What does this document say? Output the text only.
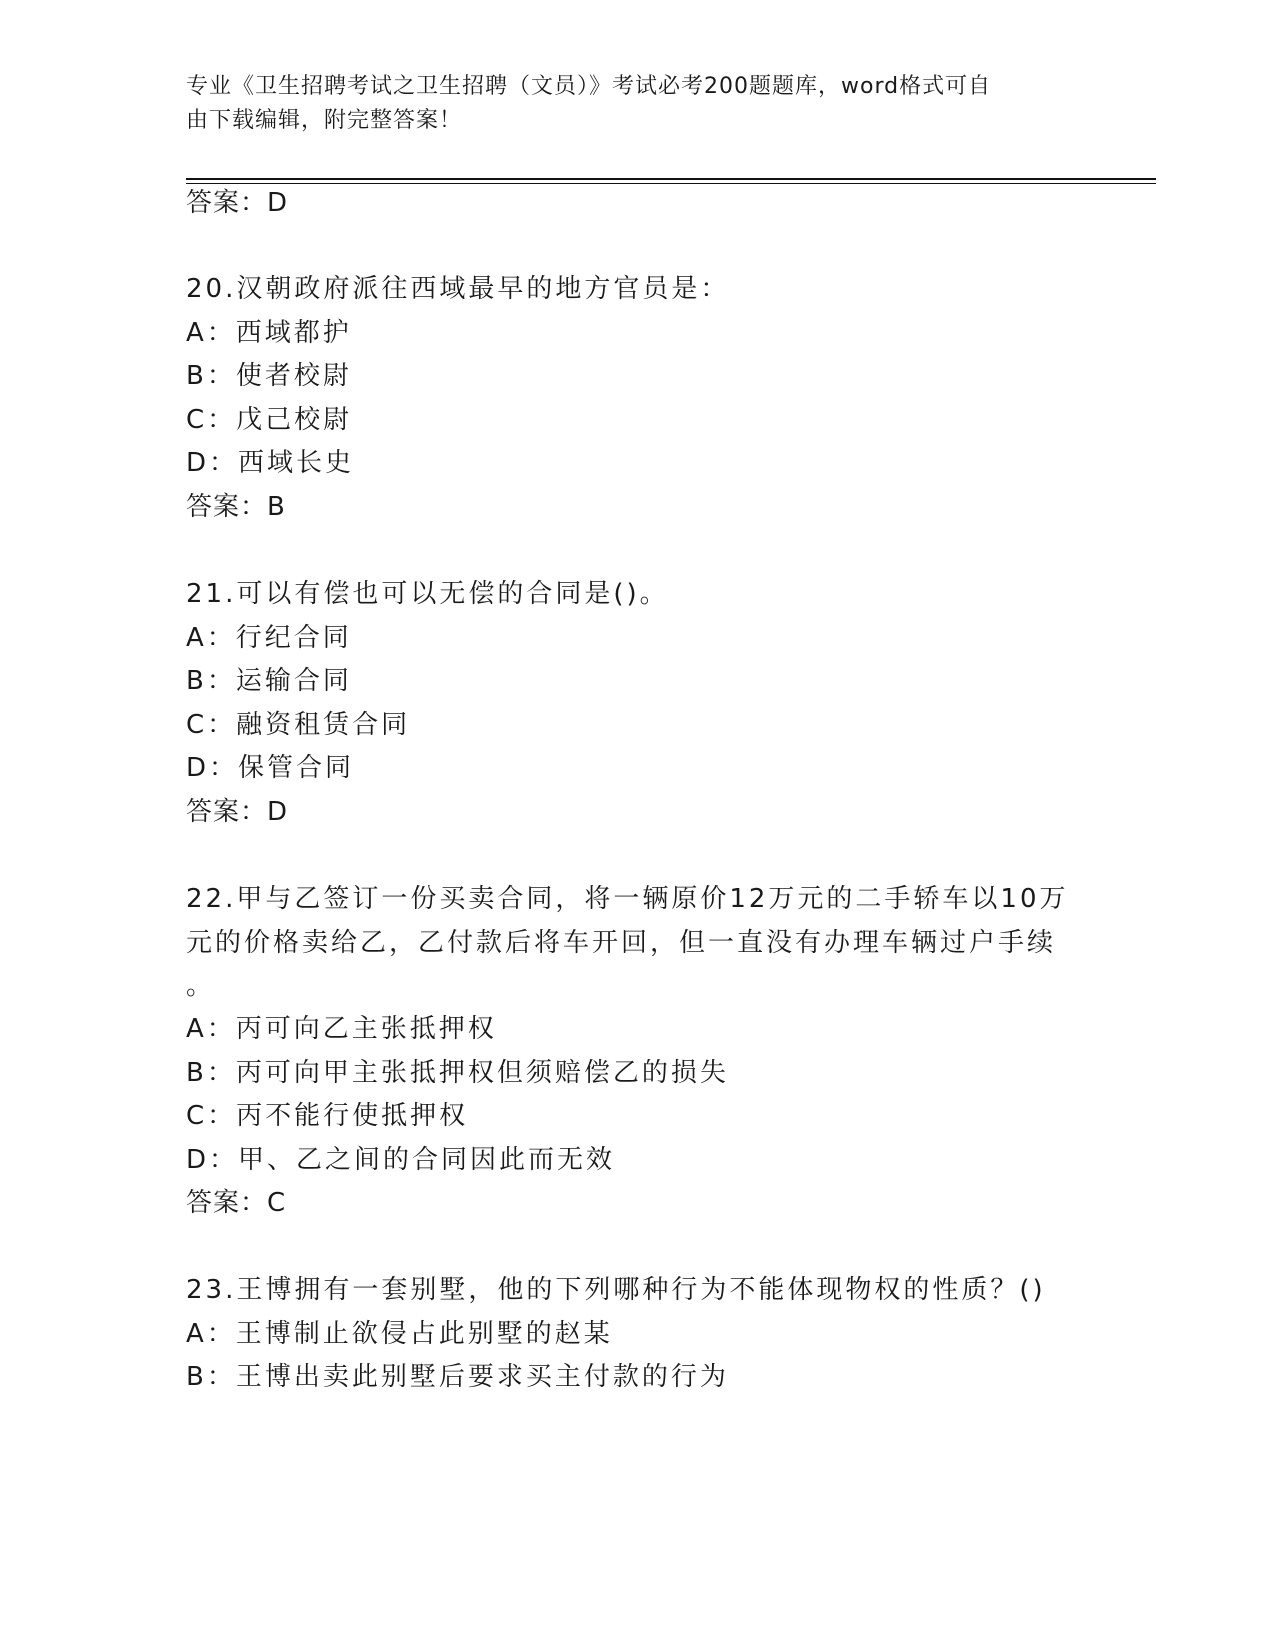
专业《卫生招聘考试之卫生招聘（文员）》考试必考200题题库，word格式可自
由下载编辑，附完整答案！
答案：D
20.汉朝政府派往西域最早的地方官员是：
A：西域都护
B：使者校尉
C：戊己校尉
D：西域长史
答案：B
21.可以有偿也可以无偿的合同是()。
A：行纪合同
B：运输合同
C：融资租赁合同
D：保管合同
答案：D
22.甲与乙签订一份买卖合同，将一辆原价12万元的二手轿车以10万
元的价格卖给乙，乙付款后将车开回，但一直没有办理车辆过户手续
。
A：丙可向乙主张抵押权
B：丙可向甲主张抵押权但须赔偿乙的损失
C：丙不能行使抵押权
D：甲、乙之间的合同因此而无效
答案：C
23.王博拥有一套别墅，他的下列哪种行为不能体现物权的性质？()
A：王博制止欲侵占此别墅的赵某
B：王博出卖此别墅后要求买主付款的行为
